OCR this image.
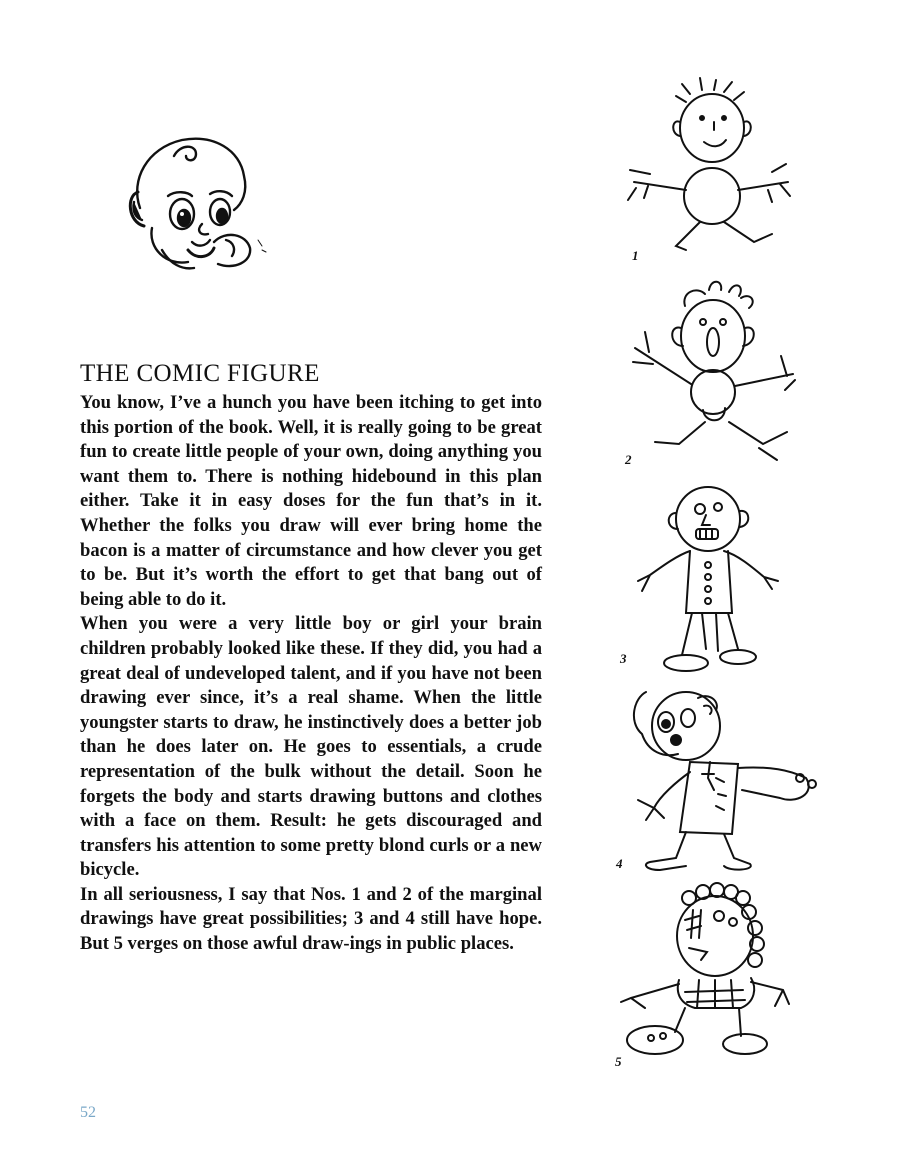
THE COMIC FIGURE

You know, I’ve a hunch you have been itching to get into this portion of the book. Well, it is really going to be great fun to create little people of your own, doing anything you want them to. There is nothing hidebound in this plan either. Take it in easy doses for the fun that’s in it. Whether the folks you draw will ever bring home the bacon is a matter of circumstance and how clever you get to be. But it’s worth the effort to get that bang out of being able to do it.

When you were a very little boy or girl your brain children probably looked like these. If they did, you had a great deal of undeveloped talent, and if you have not been drawing ever since, it’s a real shame. When the little youngster starts to draw, he instinctively does a better job than he does later on. He goes to essentials, a crude representation of the bulk without the detail. Soon he forgets the body and starts drawing buttons and clothes with a face on them. Result: he gets discouraged and transfers his attention to some pretty blond curls or a new bicycle.

In all seriousness, I say that Nos. 1 and 2 of the marginal drawings have great possibilities; 3 and 4 still have hope. But 5 verges on those awful draw-ings in public places.

1
2
3
4
5
52
